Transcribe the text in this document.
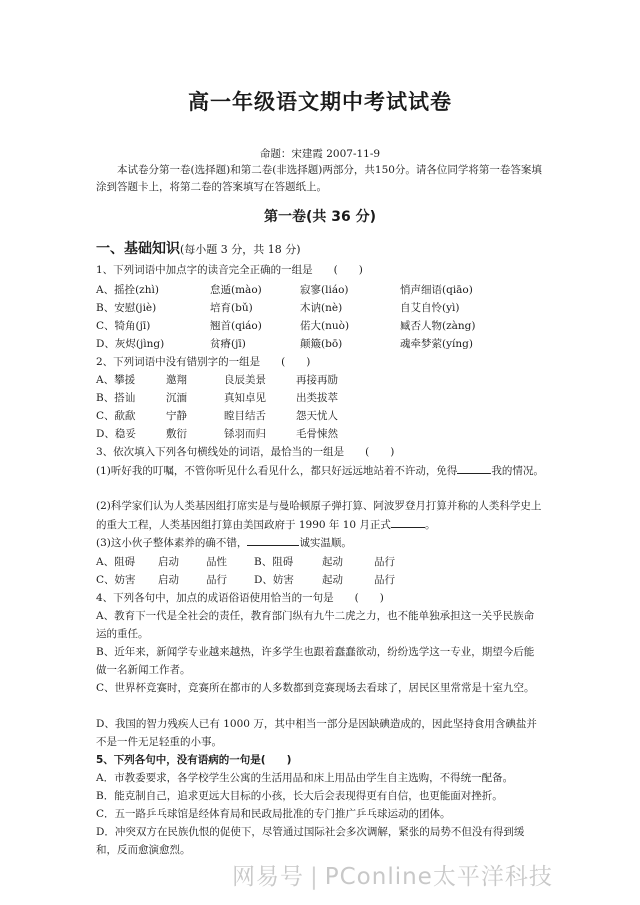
高一年级语文期中考试试卷
命题：宋建霞 2007-11-9

本试卷分第一卷(选择题)和第二卷(非选择题)两部分，共150分。请各位同学将第一卷答案填涂到答题卡上，将第二卷的答案填写在答题纸上。

第一卷(共 36 分)
一、基础知识(每小题 3 分，共 18 分)

1、下列词语中加点字的读音完全正确的一组是　　(　　)

A、摇拴(zhì)	怠遁(mào)	寂寥(liáo)	悄声细语(qiāo)
B、安慰(jiè)	培育(bǔ)	木讷(nè)	自艾自怜(yì)
C、犄角(jī)	翘首(qiáo)	偌大(nuò)	臧否人物(zàng)
D、灰烬(jìng)	贫瘠(jī)	颠簸(bō)	魂牵梦萦(yíng)

2、下列词语中没有错别字的一组是　　(　　)

A、攀援	邀翔	良辰美景	再接再励
B、搭讪	沉湎	真知卓见	出类拔萃
C、歃歃	宁静	瞠目结舌	怨天忧人
D、稳妥	敷衍	铩羽而归	毛骨悚然

3、依次填入下列各句横线处的词语，最恰当的一组是　　(　　)

(1)听好我的叮嘱，不管你听见什么看见什么，都只好远远地站着不许动，免得	我的情况。

(2)科学家们认为人类基因组打席实是与曼哈顿原子弹打算、阿波罗登月打算并称的人类科学史上的重大工程，人类基因组打算由美国政府于 1990 年 10 月正式	。

(3)这小伙子整体素养的确不错，	诚实温顺。

A、阻碍 启动	品性	B、阻碍	起动	品行
C、妨害 启动	品行	D、妨害	起动	品行

4、下列各句中，加点的成语俗语使用恰当的一句是　　(　　)

A、教育下一代是全社会的责任，教育部门纵有九牛二虎之力，也不能单独承担这一关乎民族命运的重任。

B、近年来，新闻学专业越来越热，许多学生也跟着蠢蠢欲动，纷纷选学这一专业，期望今后能做一名新闻工作者。

C、世界杯竞赛时，竞赛所在都市的人多数都到竞赛现场去看球了，居民区里常常是十室九空。

D、我国的智力残疾人已有 1000 万，其中相当一部分是因缺碘造成的，因此坚持食用含碘盐并不是一件无足轻重的小事。

5、下列各句中，没有语病的一句是(　　)

A．市教委要求，各学校学生公寓的生活用品和床上用品由学生自主选购，不得统一配备。

B．能克制自己，追求更远大目标的小孩，长大后会表现得更有自信，也更能面对挫折。

C．五一路乒乓球馆是经体育局和民政局批准的专门推广乒乓球运动的团体。

D．冲突双方在民族仇恨的促使下，尽管通过国际社会多次调解，紧张的局势不但没有得到缓和，反而愈演愈烈。

网易号 | PConline太平洋科技
